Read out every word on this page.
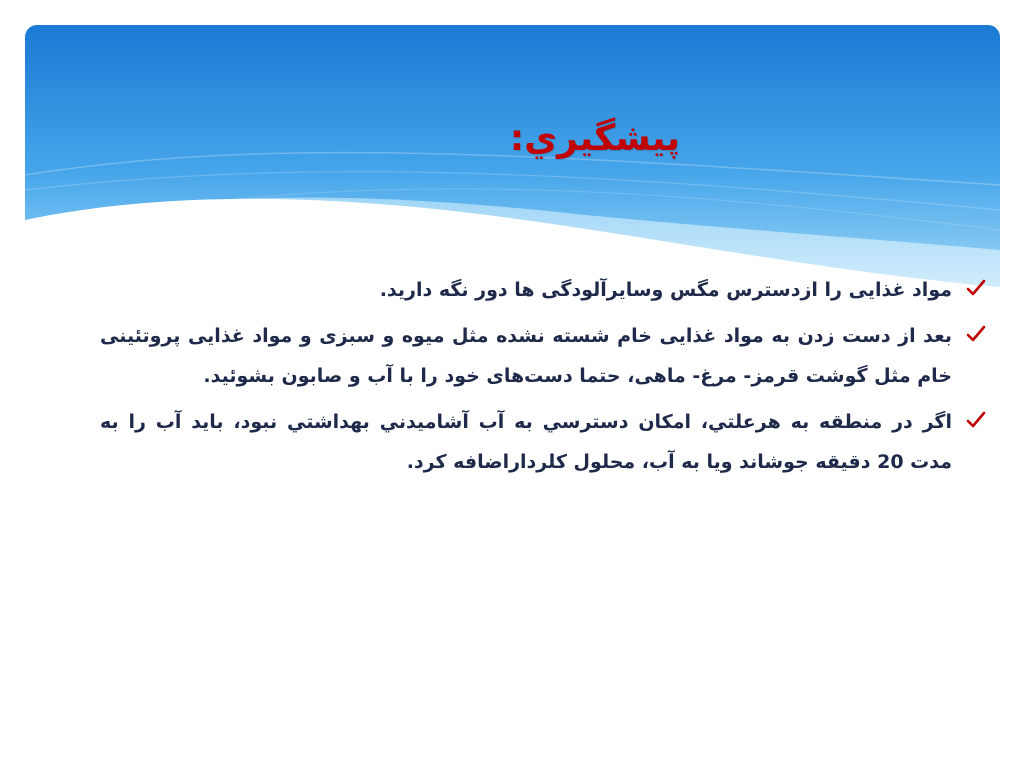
پيشگيري:
مواد غذایی را ازدسترس مگس وسایرآلودگی ها دور نگه دارید.
بعد از دست زدن به مواد غذایی خام شسته نشده مثل میوه و سبزی و مواد غذایی پروتئینی خام مثل گوشت قرمز- مرغ- ماهی، حتما دست‌های خود را با آب و صابون بشوئید.
اگر در منطقه به هرعلتي، امکان دسترسي به آب آشاميدني بهداشتي نبود، باید آب را به مدت 20 دقیقه جوشاند ویا به آب، محلول کلرداراضافه کرد.
